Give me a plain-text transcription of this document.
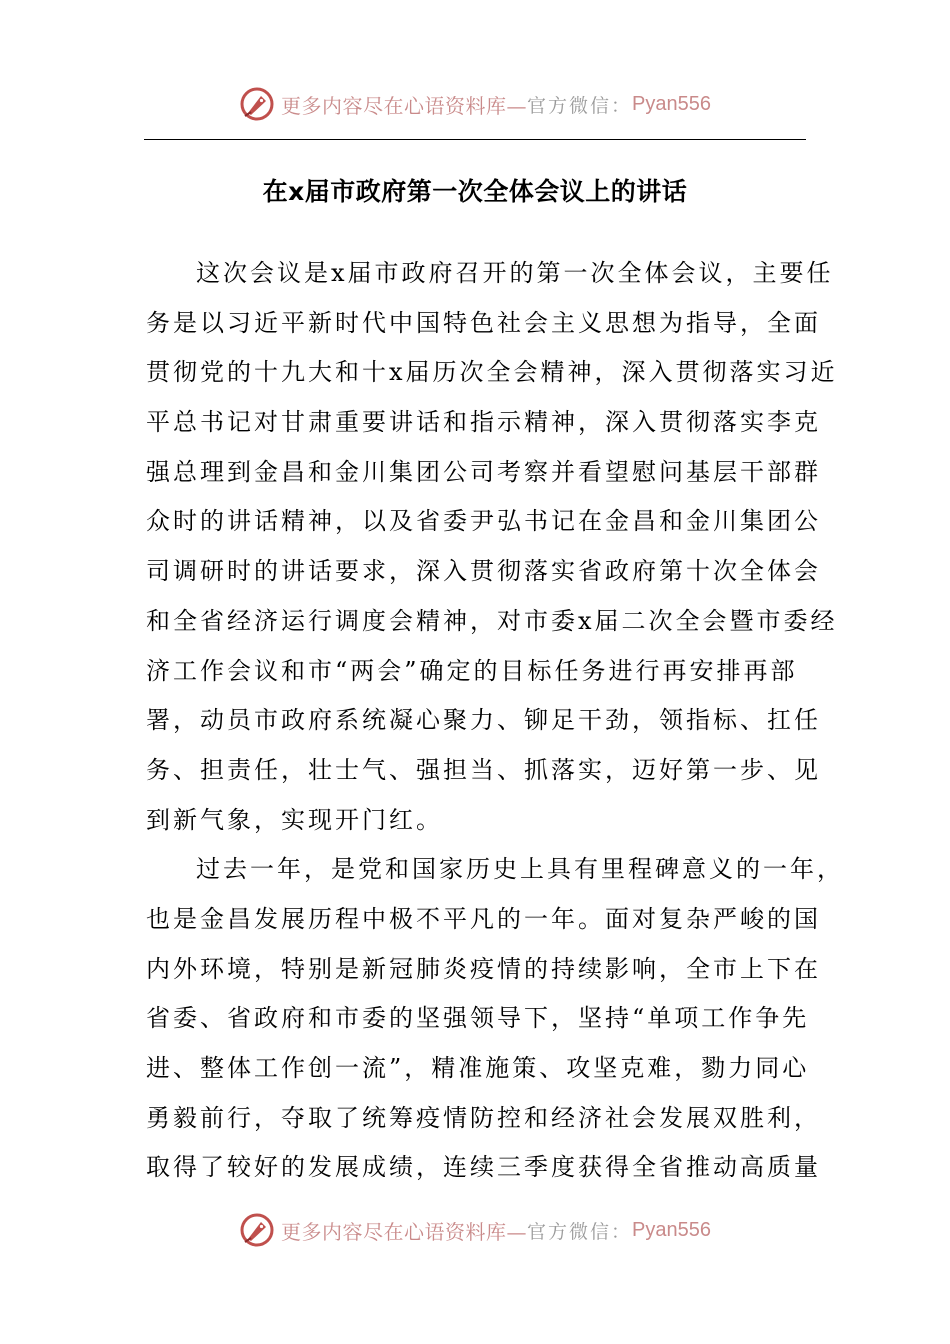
更多内容尽在心语资料库— 官方微信： Pyan556
在x届市政府第一次全体会议上的讲话
这次会议是x届市政府召开的第一次全体会议，主要任
务是以习近平新时代中国特色社会主义思想为指导，全面
贯彻党的十九大和十x届历次全会精神，深入贯彻落实习近
平总书记对甘肃重要讲话和指示精神，深入贯彻落实李克
强总理到金昌和金川集团公司考察并看望慰问基层干部群
众时的讲话精神，以及省委尹弘书记在金昌和金川集团公
司调研时的讲话要求，深入贯彻落实省政府第十次全体会
和全省经济运行调度会精神，对市委x届二次全会暨市委经
济工作会议和市“两会”确定的目标任务进行再安排再部
署，动员市政府系统凝心聚力、铆足干劲，领指标、扛任
务、担责任，壮士气、强担当、抓落实，迈好第一步、见
到新气象，实现开门红。
过去一年，是党和国家历史上具有里程碑意义的一年，
也是金昌发展历程中极不平凡的一年。面对复杂严峻的国
内外环境，特别是新冠肺炎疫情的持续影响，全市上下在
省委、省政府和市委的坚强领导下，坚持“单项工作争先
进、整体工作创一流”，精准施策、攻坚克难，勠力同心
勇毅前行，夺取了统筹疫情防控和经济社会发展双胜利，
取得了较好的发展成绩，连续三季度获得全省推动高质量
更多内容尽在心语资料库— 官方微信： Pyan556
